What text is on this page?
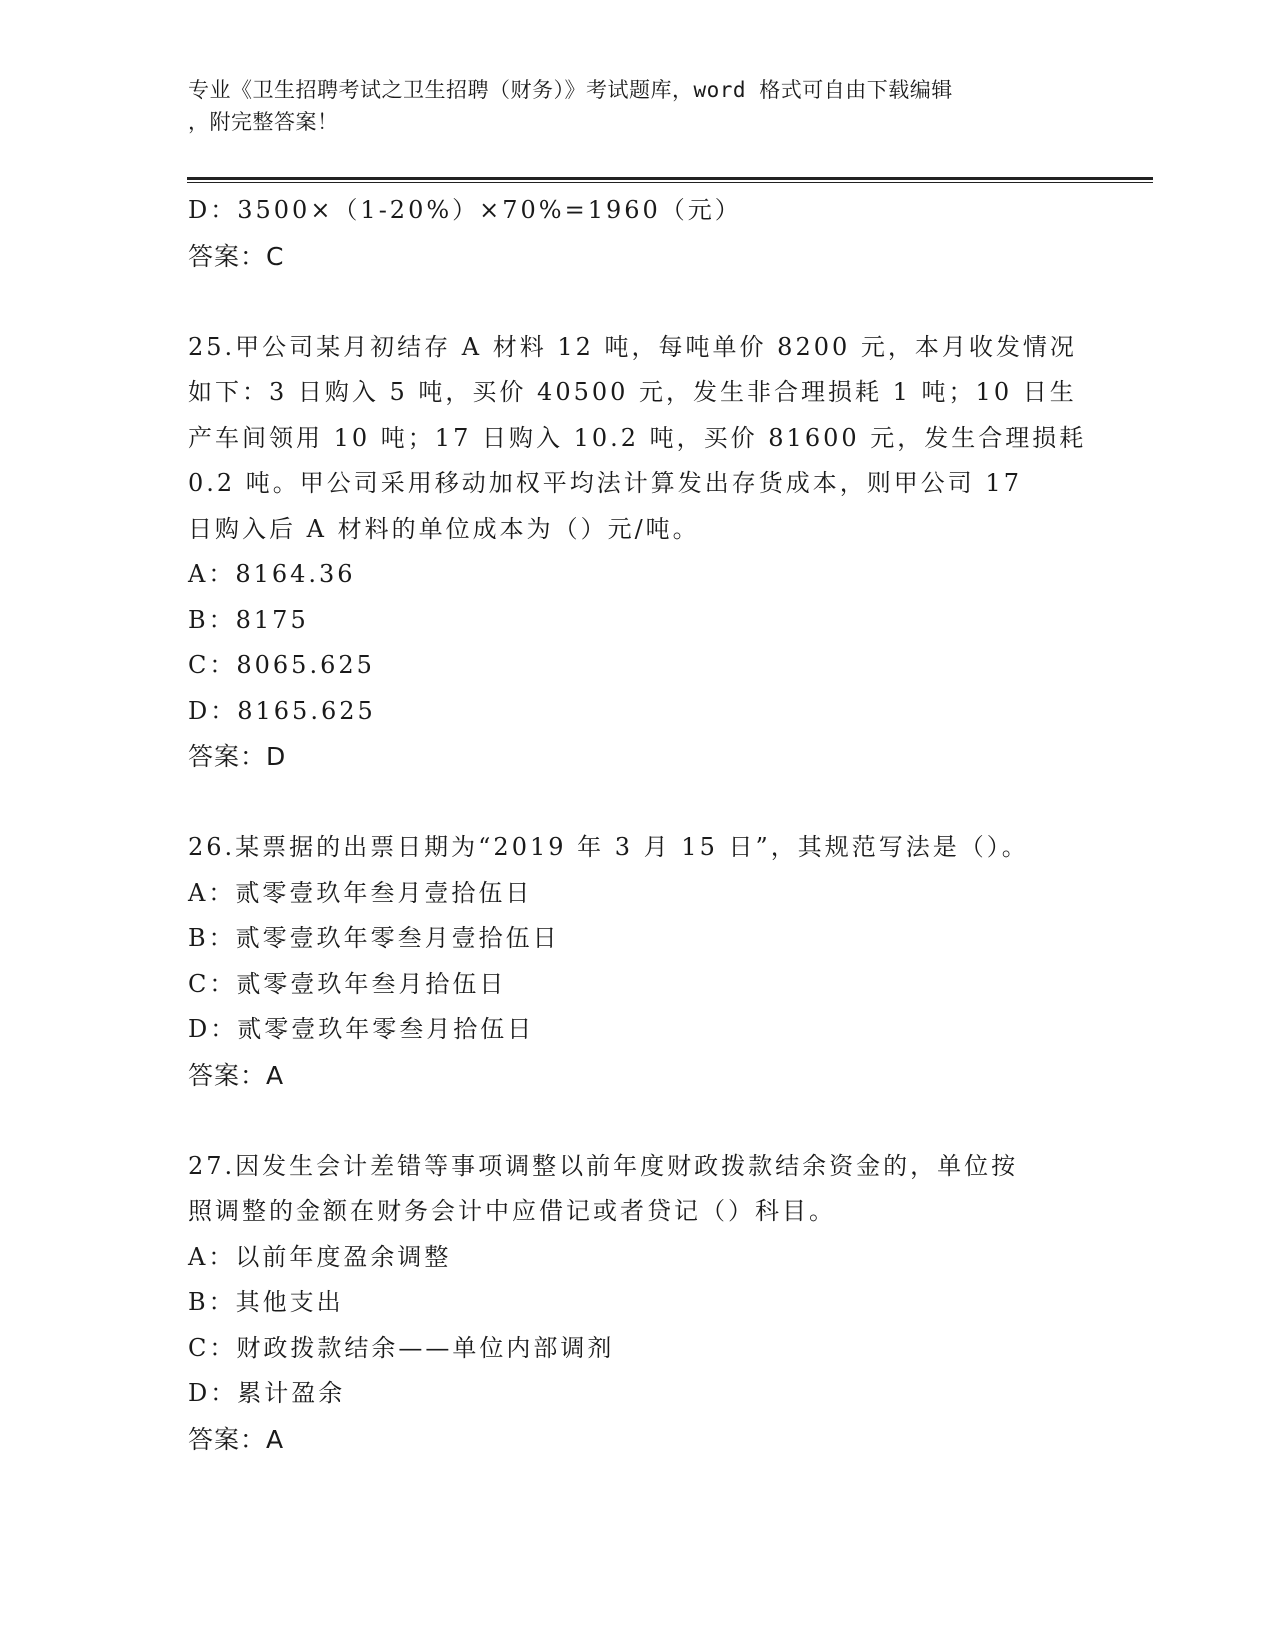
专业《卫生招聘考试之卫生招聘（财务）》考试题库，word 格式可自由下载编辑
，附完整答案！
D：3500×（1-20%）×70%=1960（元）
答案：C
25.甲公司某月初结存 A 材料 12 吨，每吨单价 8200 元，本月收发情况
如下：3 日购入 5 吨，买价 40500 元，发生非合理损耗 1 吨；10 日生
产车间领用 10 吨；17 日购入 10.2 吨，买价 81600 元，发生合理损耗
0.2 吨。甲公司采用移动加权平均法计算发出存货成本，则甲公司 17
日购入后 A 材料的单位成本为（）元/吨。
A：8164.36
B：8175
C：8065.625
D：8165.625
答案：D
26.某票据的出票日期为“2019 年 3 月 15 日”，其规范写法是（）。
A：贰零壹玖年叁月壹拾伍日
B：贰零壹玖年零叁月壹拾伍日
C：贰零壹玖年叁月拾伍日
D：贰零壹玖年零叁月拾伍日
答案：A
27.因发生会计差错等事项调整以前年度财政拨款结余资金的，单位按
照调整的金额在财务会计中应借记或者贷记（）科目。
A：以前年度盈余调整
B：其他支出
C：财政拨款结余——单位内部调剂
D：累计盈余
答案：A
